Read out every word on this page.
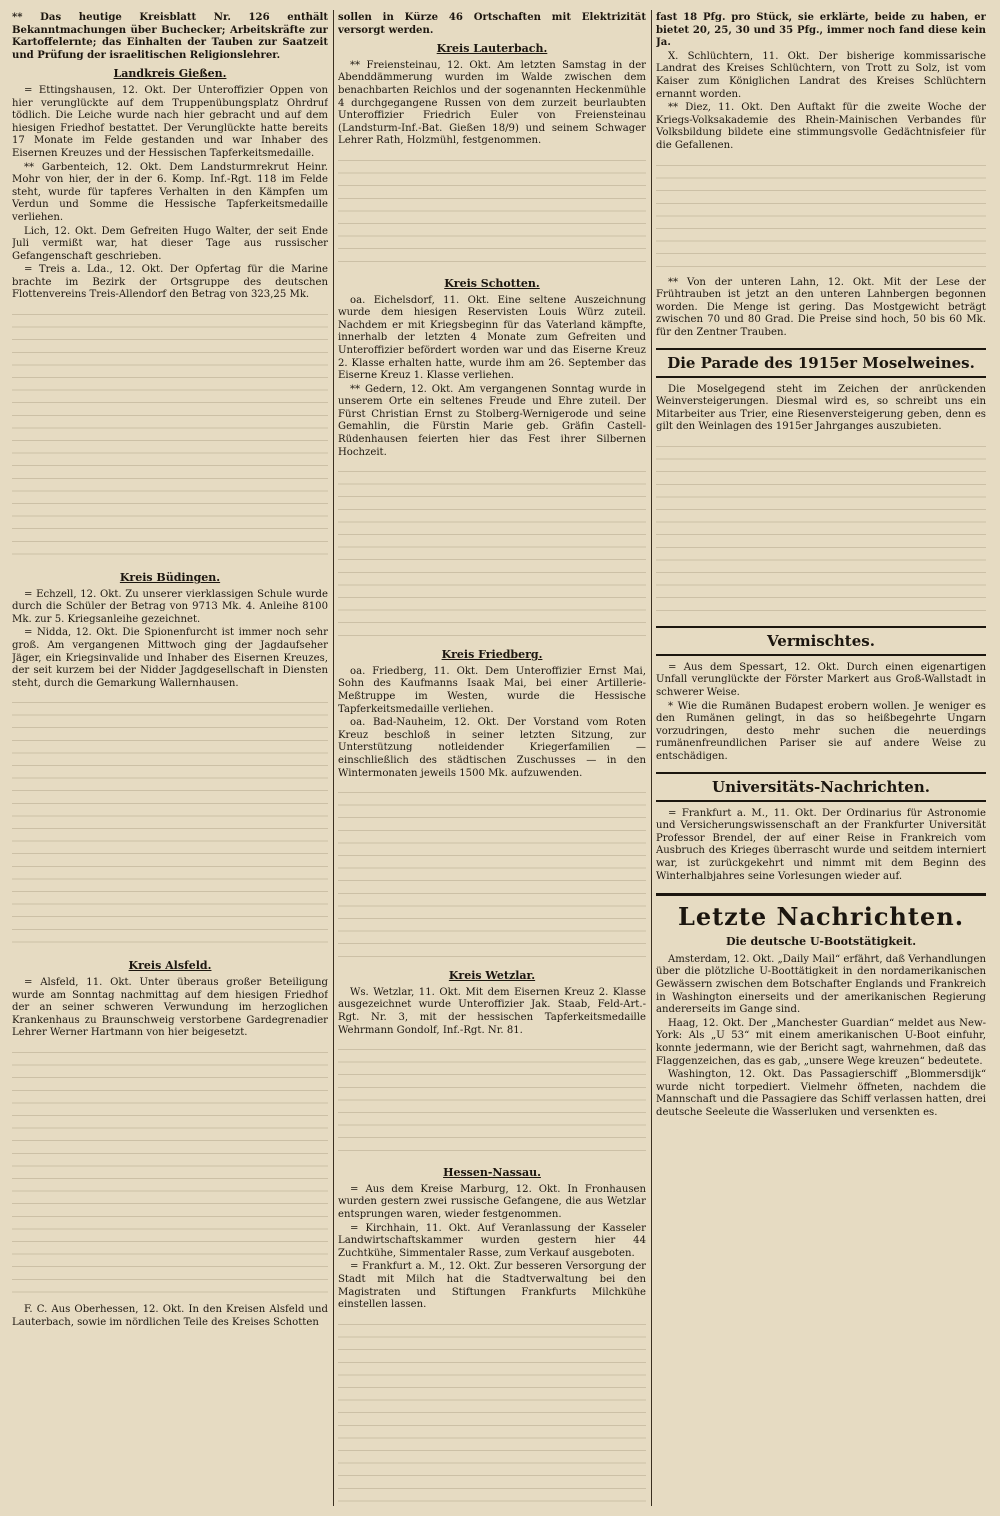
** Das heutige Kreisblatt Nr. 126 enthält Bekanntmachungen über Buchecker; Arbeitskräfte zur Kartoffelernte; das Einhalten der Tauben zur Saatzeit und Prüfung der israelitischen Religionslehrer.

Landkreis Gießen.

= Ettingshausen, 12. Okt. Der Unteroffizier Oppen von hier verunglückte auf dem Truppenübungsplatz Ohrdruf tödlich. Die Leiche wurde nach hier gebracht und auf dem hiesigen Friedhof bestattet. Der Verunglückte hatte bereits 17 Monate im Felde gestanden und war Inhaber des Eisernen Kreuzes und der Hessischen Tapferkeitsmedaille.

** Garbenteich, 12. Okt. Dem Landsturmrekrut Heinr. Mohr von hier, der in der 6. Komp. Inf.-Rgt. 118 im Felde steht, wurde für tapferes Verhalten in den Kämpfen um Verdun und Somme die Hessische Tapferkeitsmedaille verliehen.

Lich, 12. Okt. Dem Gefreiten Hugo Walter, der seit Ende Juli vermißt war, hat dieser Tage aus russischer Gefangenschaft geschrieben.

= Treis a. Lda., 12. Okt. Der Opfertag für die Marine brachte im Bezirk der Ortsgruppe des deutschen Flottenvereins Treis-Allendorf den Betrag von 323,25 Mk.

Kreis Büdingen.

= Echzell, 12. Okt. Zu unserer vierklassigen Schule wurde durch die Schüler der Betrag von 9713 Mk. 4. Anleihe 8100 Mk. zur 5. Kriegsanleihe gezeichnet.

= Nidda, 12. Okt. Die Spionenfurcht ist immer noch sehr groß. Am vergangenen Mittwoch ging der Jagdaufseher Jäger, ein Kriegsinvalide und Inhaber des Eisernen Kreuzes, der seit kurzem bei der Nidder Jagdgesellschaft in Diensten steht, durch die Gemarkung Wallernhausen.

Kreis Alsfeld.

= Alsfeld, 11. Okt. Unter überaus großer Beteiligung wurde am Sonntag nachmittag auf dem hiesigen Friedhof der an seiner schweren Verwundung im herzoglichen Krankenhaus zu Braunschweig verstorbene Gardegrenadier Lehrer Werner Hartmann von hier beigesetzt.

F. C. Aus Oberhessen, 12. Okt. In den Kreisen Alsfeld und Lauterbach, sowie im nördlichen Teile des Kreises Schotten

sollen in Kürze 46 Ortschaften mit Elektrizität versorgt werden.

Kreis Lauterbach.

** Freiensteinau, 12. Okt. Am letzten Samstag in der Abenddämmerung wurden im Walde zwischen dem benachbarten Reichlos und der sogenannten Heckenmühle 4 durchgegangene Russen von dem zurzeit beurlaubten Unteroffizier Friedrich Euler von Freiensteinau (Landsturm-Inf.-Bat. Gießen 18/9) und seinem Schwager Lehrer Rath, Holzmühl, festgenommen.

Kreis Schotten.

oa. Eichelsdorf, 11. Okt. Eine seltene Auszeichnung wurde dem hiesigen Reservisten Louis Würz zuteil. Nachdem er mit Kriegsbeginn für das Vaterland kämpfte, innerhalb der letzten 4 Monate zum Gefreiten und Unteroffizier befördert worden war und das Eiserne Kreuz 2. Klasse erhalten hatte, wurde ihm am 26. September das Eiserne Kreuz 1. Klasse verliehen.

** Gedern, 12. Okt. Am vergangenen Sonntag wurde in unserem Orte ein seltenes Freude und Ehre zuteil. Der Fürst Christian Ernst zu Stolberg-Wernigerode und seine Gemahlin, die Fürstin Marie geb. Gräfin Castell-Rüdenhausen feierten hier das Fest ihrer Silbernen Hochzeit.

Kreis Friedberg.

oa. Friedberg, 11. Okt. Dem Unteroffizier Ernst Mai, Sohn des Kaufmanns Isaak Mai, bei einer Artillerie-Meßtruppe im Westen, wurde die Hessische Tapferkeitsmedaille verliehen.

oa. Bad-Nauheim, 12. Okt. Der Vorstand vom Roten Kreuz beschloß in seiner letzten Sitzung, zur Unterstützung notleidender Kriegerfamilien — einschließlich des städtischen Zuschusses — in den Wintermonaten jeweils 1500 Mk. aufzuwenden.

Kreis Wetzlar.

Ws. Wetzlar, 11. Okt. Mit dem Eisernen Kreuz 2. Klasse ausgezeichnet wurde Unteroffizier Jak. Staab, Feld-Art.-Rgt. Nr. 3, mit der hessischen Tapferkeitsmedaille Wehrmann Gondolf, Inf.-Rgt. Nr. 81.

Hessen-Nassau.

= Aus dem Kreise Marburg, 12. Okt. In Fronhausen wurden gestern zwei russische Gefangene, die aus Wetzlar entsprungen waren, wieder festgenommen.

= Kirchhain, 11. Okt. Auf Veranlassung der Kasseler Landwirtschaftskammer wurden gestern hier 44 Zuchtkühe, Simmentaler Rasse, zum Verkauf ausgeboten.

= Frankfurt a. M., 12. Okt. Zur besseren Versorgung der Stadt mit Milch hat die Stadtverwaltung bei den Magistraten und Stiftungen Frankfurts Milchkühe einstellen lassen.

fast 18 Pfg. pro Stück, sie erklärte, beide zu haben, er bietet 20, 25, 30 und 35 Pfg., immer noch fand diese kein Ja.

X. Schlüchtern, 11. Okt. Der bisherige kommissarische Landrat des Kreises Schlüchtern, von Trott zu Solz, ist vom Kaiser zum Königlichen Landrat des Kreises Schlüchtern ernannt worden.

** Diez, 11. Okt. Den Auftakt für die zweite Woche der Kriegs-Volksakademie des Rhein-Mainischen Verbandes für Volksbildung bildete eine stimmungsvolle Gedächtnisfeier für die Gefallenen.

** Von der unteren Lahn, 12. Okt. Mit der Lese der Frühtrauben ist jetzt an den unteren Lahnbergen begonnen worden. Die Menge ist gering. Das Mostgewicht beträgt zwischen 70 und 80 Grad. Die Preise sind hoch, 50 bis 60 Mk. für den Zentner Trauben.

Die Parade des 1915er Moselweines.

Die Moselgegend steht im Zeichen der anrückenden Weinversteigerungen. Diesmal wird es, so schreibt uns ein Mitarbeiter aus Trier, eine Riesenversteigerung geben, denn es gilt den Weinlagen des 1915er Jahrganges auszubieten.

Vermischtes.

= Aus dem Spessart, 12. Okt. Durch einen eigenartigen Unfall verunglückte der Förster Markert aus Groß-Wallstadt in schwerer Weise.

* Wie die Rumänen Budapest erobern wollen. Je weniger es den Rumänen gelingt, in das so heißbegehrte Ungarn vorzudringen, desto mehr suchen die neuerdings rumänenfreundlichen Pariser sie auf andere Weise zu entschädigen.

Universitäts-Nachrichten.

= Frankfurt a. M., 11. Okt. Der Ordinarius für Astronomie und Versicherungswissenschaft an der Frankfurter Universität Professor Brendel, der auf einer Reise in Frankreich vom Ausbruch des Krieges überrascht wurde und seitdem interniert war, ist zurückgekehrt und nimmt mit dem Beginn des Winterhalbjahres seine Vorlesungen wieder auf.

Letzte Nachrichten.
Die deutsche U-Bootstätigkeit.

Amsterdam, 12. Okt. „Daily Mail“ erfährt, daß Verhandlungen über die plötzliche U-Boottätigkeit in den nordamerikanischen Gewässern zwischen dem Botschafter Englands und Frankreich in Washington einerseits und der amerikanischen Regierung andererseits im Gange sind.

Haag, 12. Okt. Der „Manchester Guardian“ meldet aus New-York: Als „U 53“ mit einem amerikanischen U-Boot einfuhr, konnte jedermann, wie der Bericht sagt, wahrnehmen, daß das Flaggenzeichen, das es gab, „unsere Wege kreuzen“ bedeutete.

Washington, 12. Okt. Das Passagierschiff „Blommersdijk“ wurde nicht torpediert. Vielmehr öffneten, nachdem die Mannschaft und die Passagiere das Schiff verlassen hatten, drei deutsche Seeleute die Wasserluken und versenkten es.
